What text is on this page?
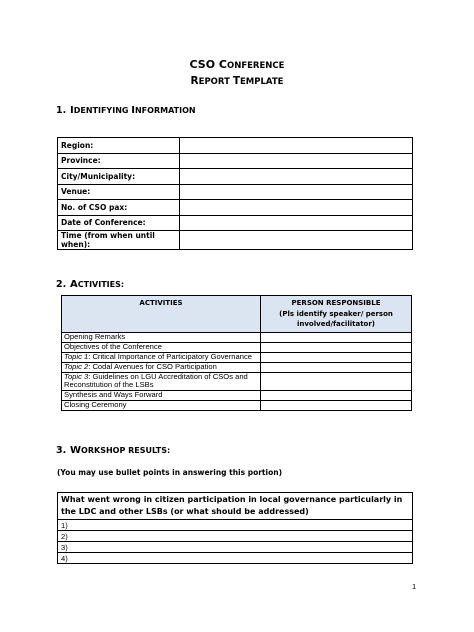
CSO CONFERENCE
REPORT TEMPLATE
1. IDENTIFYING INFORMATION
Region:	
Province:	
City/Municipality:	
Venue:	
No. of CSO pax:	
Date of Conference:	
Time (from when until when):	
2. ACTIVITIES:
ACTIVITIES	PERSON RESPONSIBLE
(Pls identify speaker/ person involved/facilitator)
Opening Remarks	
Objectives of the Conference	
Topic 1: Critical Importance of Participatory Governance	
Topic 2: Codal Avenues for CSO Participation	
Topic 3: Guidelines on LGU Accreditation of CSOs and Reconstitution of the LSBs	
Synthesis and Ways Forward	
Closing Ceremony	
3. WORKSHOP RESULTS:
(You may use bullet points in answering this portion)
What went wrong in citizen participation in local governance particularly in the LDC and other LSBs (or what should be addressed)
1)
2)
3)
4)
1
